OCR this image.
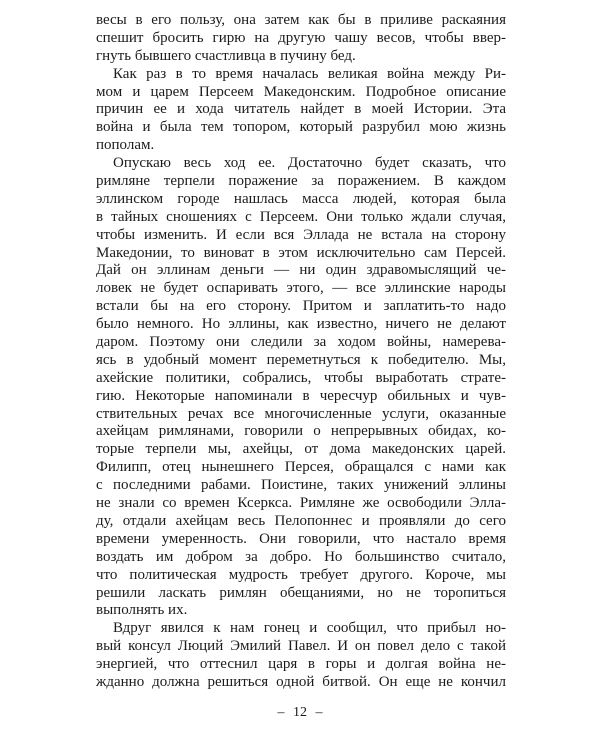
весы в его пользу, она затем как бы в приливе раскаяния
спешит бросить гирю на другую чашу весов, чтобы ввер-
гнуть бывшего счастливца в пучину бед.
Как раз в то время началась великая война между Ри-
мом и царем Персеем Македонским. Подробное описание
причин ее и хода читатель найдет в моей Истории. Эта
война и была тем топором, который разрубил мою жизнь
пополам.
Опускаю весь ход ее. Достаточно будет сказать, что
римляне терпели поражение за поражением. В каждом
эллинском городе нашлась масса людей, которая была
в тайных сношениях с Персеем. Они только ждали случая,
чтобы изменить. И если вся Эллада не встала на сторону
Македонии, то виноват в этом исключительно сам Персей.
Дай он эллинам деньги — ни один здравомыслящий че-
ловек не будет оспаривать этого, — все эллинские народы
встали бы на его сторону. Притом и заплатить-то надо
было немного. Но эллины, как известно, ничего не делают
даром. Поэтому они следили за ходом войны, намерева-
ясь в удобный момент переметнуться к победителю. Мы,
ахейские политики, собрались, чтобы выработать страте-
гию. Некоторые напоминали в чересчур обильных и чув-
ствительных речах все многочисленные услуги, оказанные
ахейцам римлянами, говорили о непрерывных обидах, ко-
торые терпели мы, ахейцы, от дома македонских царей.
Филипп, отец нынешнего Персея, обращался с нами как
с последними рабами. Поистине, таких унижений эллины
не знали со времен Ксеркса. Римляне же освободили Элла-
ду, отдали ахейцам весь Пелопоннес и проявляли до сего
времени умеренность. Они говорили, что настало время
воздать им добром за добро. Но большинство считало,
что политическая мудрость требует другого. Короче, мы
решили ласкать римлян обещаниями, но не торопиться
выполнять их.
Вдруг явился к нам гонец и сообщил, что прибыл но-
вый консул Люций Эмилий Павел. И он повел дело с такой
энергией, что оттеснил царя в горы и долгая война не-
жданно должна решиться одной битвой. Он еще не кончил
– 12 –
